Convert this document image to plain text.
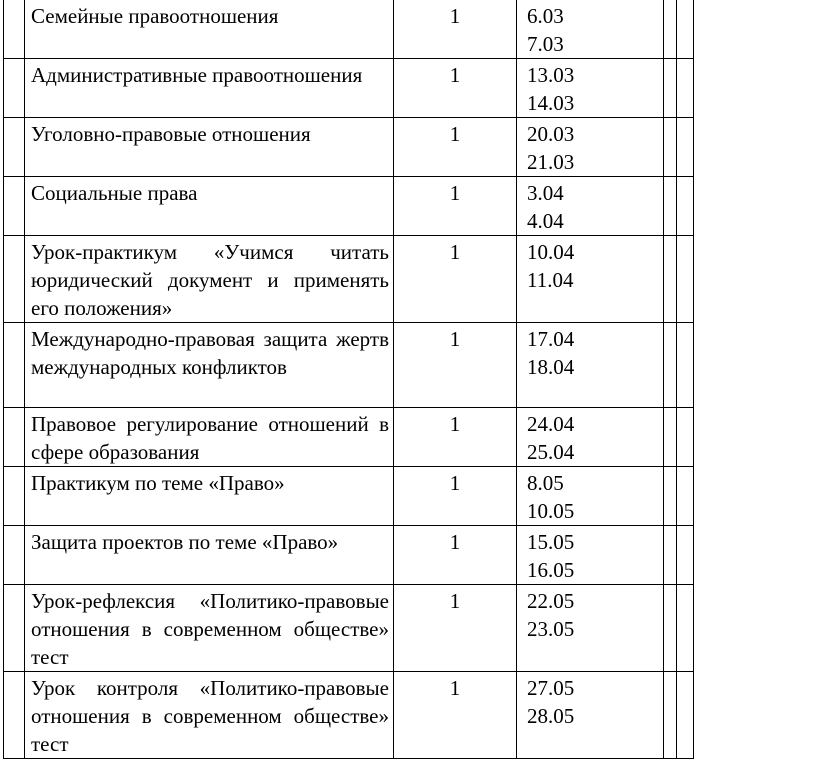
	Семейные правоотношения	1	6.03
7.03		

	Административные правоотношения	1	13.03
14.03		

	Уголовно-правовые отношения	1	20.03
21.03		

	Социальные права	1	3.04
4.04		

	Урок-практикум «Учимся читать юридический документ и применять его положения»	1	10.04
11.04		

	Международно-правовая защита жертв международных конфликтов	1	17.04
18.04		

	Правовое регулирование отношений в сфере образования	1	24.04
25.04		

	Практикум по теме «Право»	1	8.05
10.05		

	Защита проектов по теме «Право»	1	15.05
16.05		

	Урок-рефлексия «Политико-правовые отношения в современном обществе» тест	1	22.05
23.05		

	Урок контроля «Политико-правовые отношения в современном обществе» тест	1	27.05
28.05		
